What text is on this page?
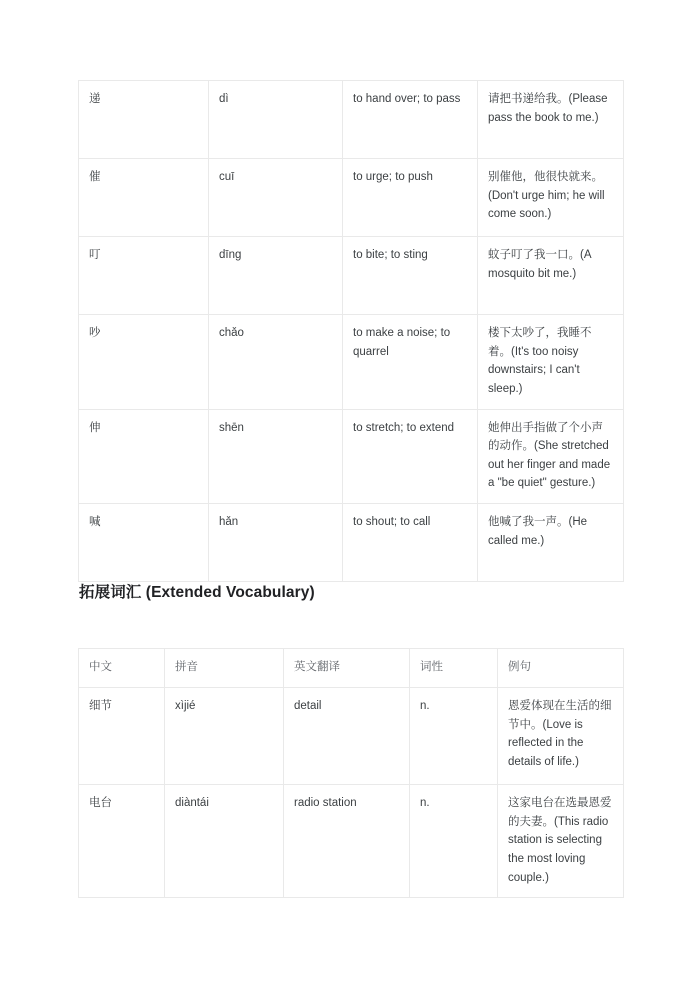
递	dì	to hand over; to pass	请把书递给我。(Please pass the book to me.)
催	cuī	to urge; to push	别催他，他很快就来。(Don't urge him; he will come soon.)
叮	dīng	to bite; to sting	蚊子叮了我一口。(A mosquito bit me.)
吵	chǎo	to make a noise; to quarrel	楼下太吵了，我睡不着。(It's too noisy downstairs; I can't sleep.)
伸	shēn	to stretch; to extend	她伸出手指做了个小声的动作。(She stretched out her finger and made a "be quiet" gesture.)
喊	hǎn	to shout; to call	他喊了我一声。(He called me.)
拓展词汇 (Extended Vocabulary)
中文	拼音	英文翻译	词性	例句
细节	xìjié	detail	n.	恩爱体现在生活的细节中。(Love is reflected in the details of life.)
电台	diàntái	radio station	n.	这家电台在选最恩爱的夫妻。(This radio station is selecting the most loving couple.)
